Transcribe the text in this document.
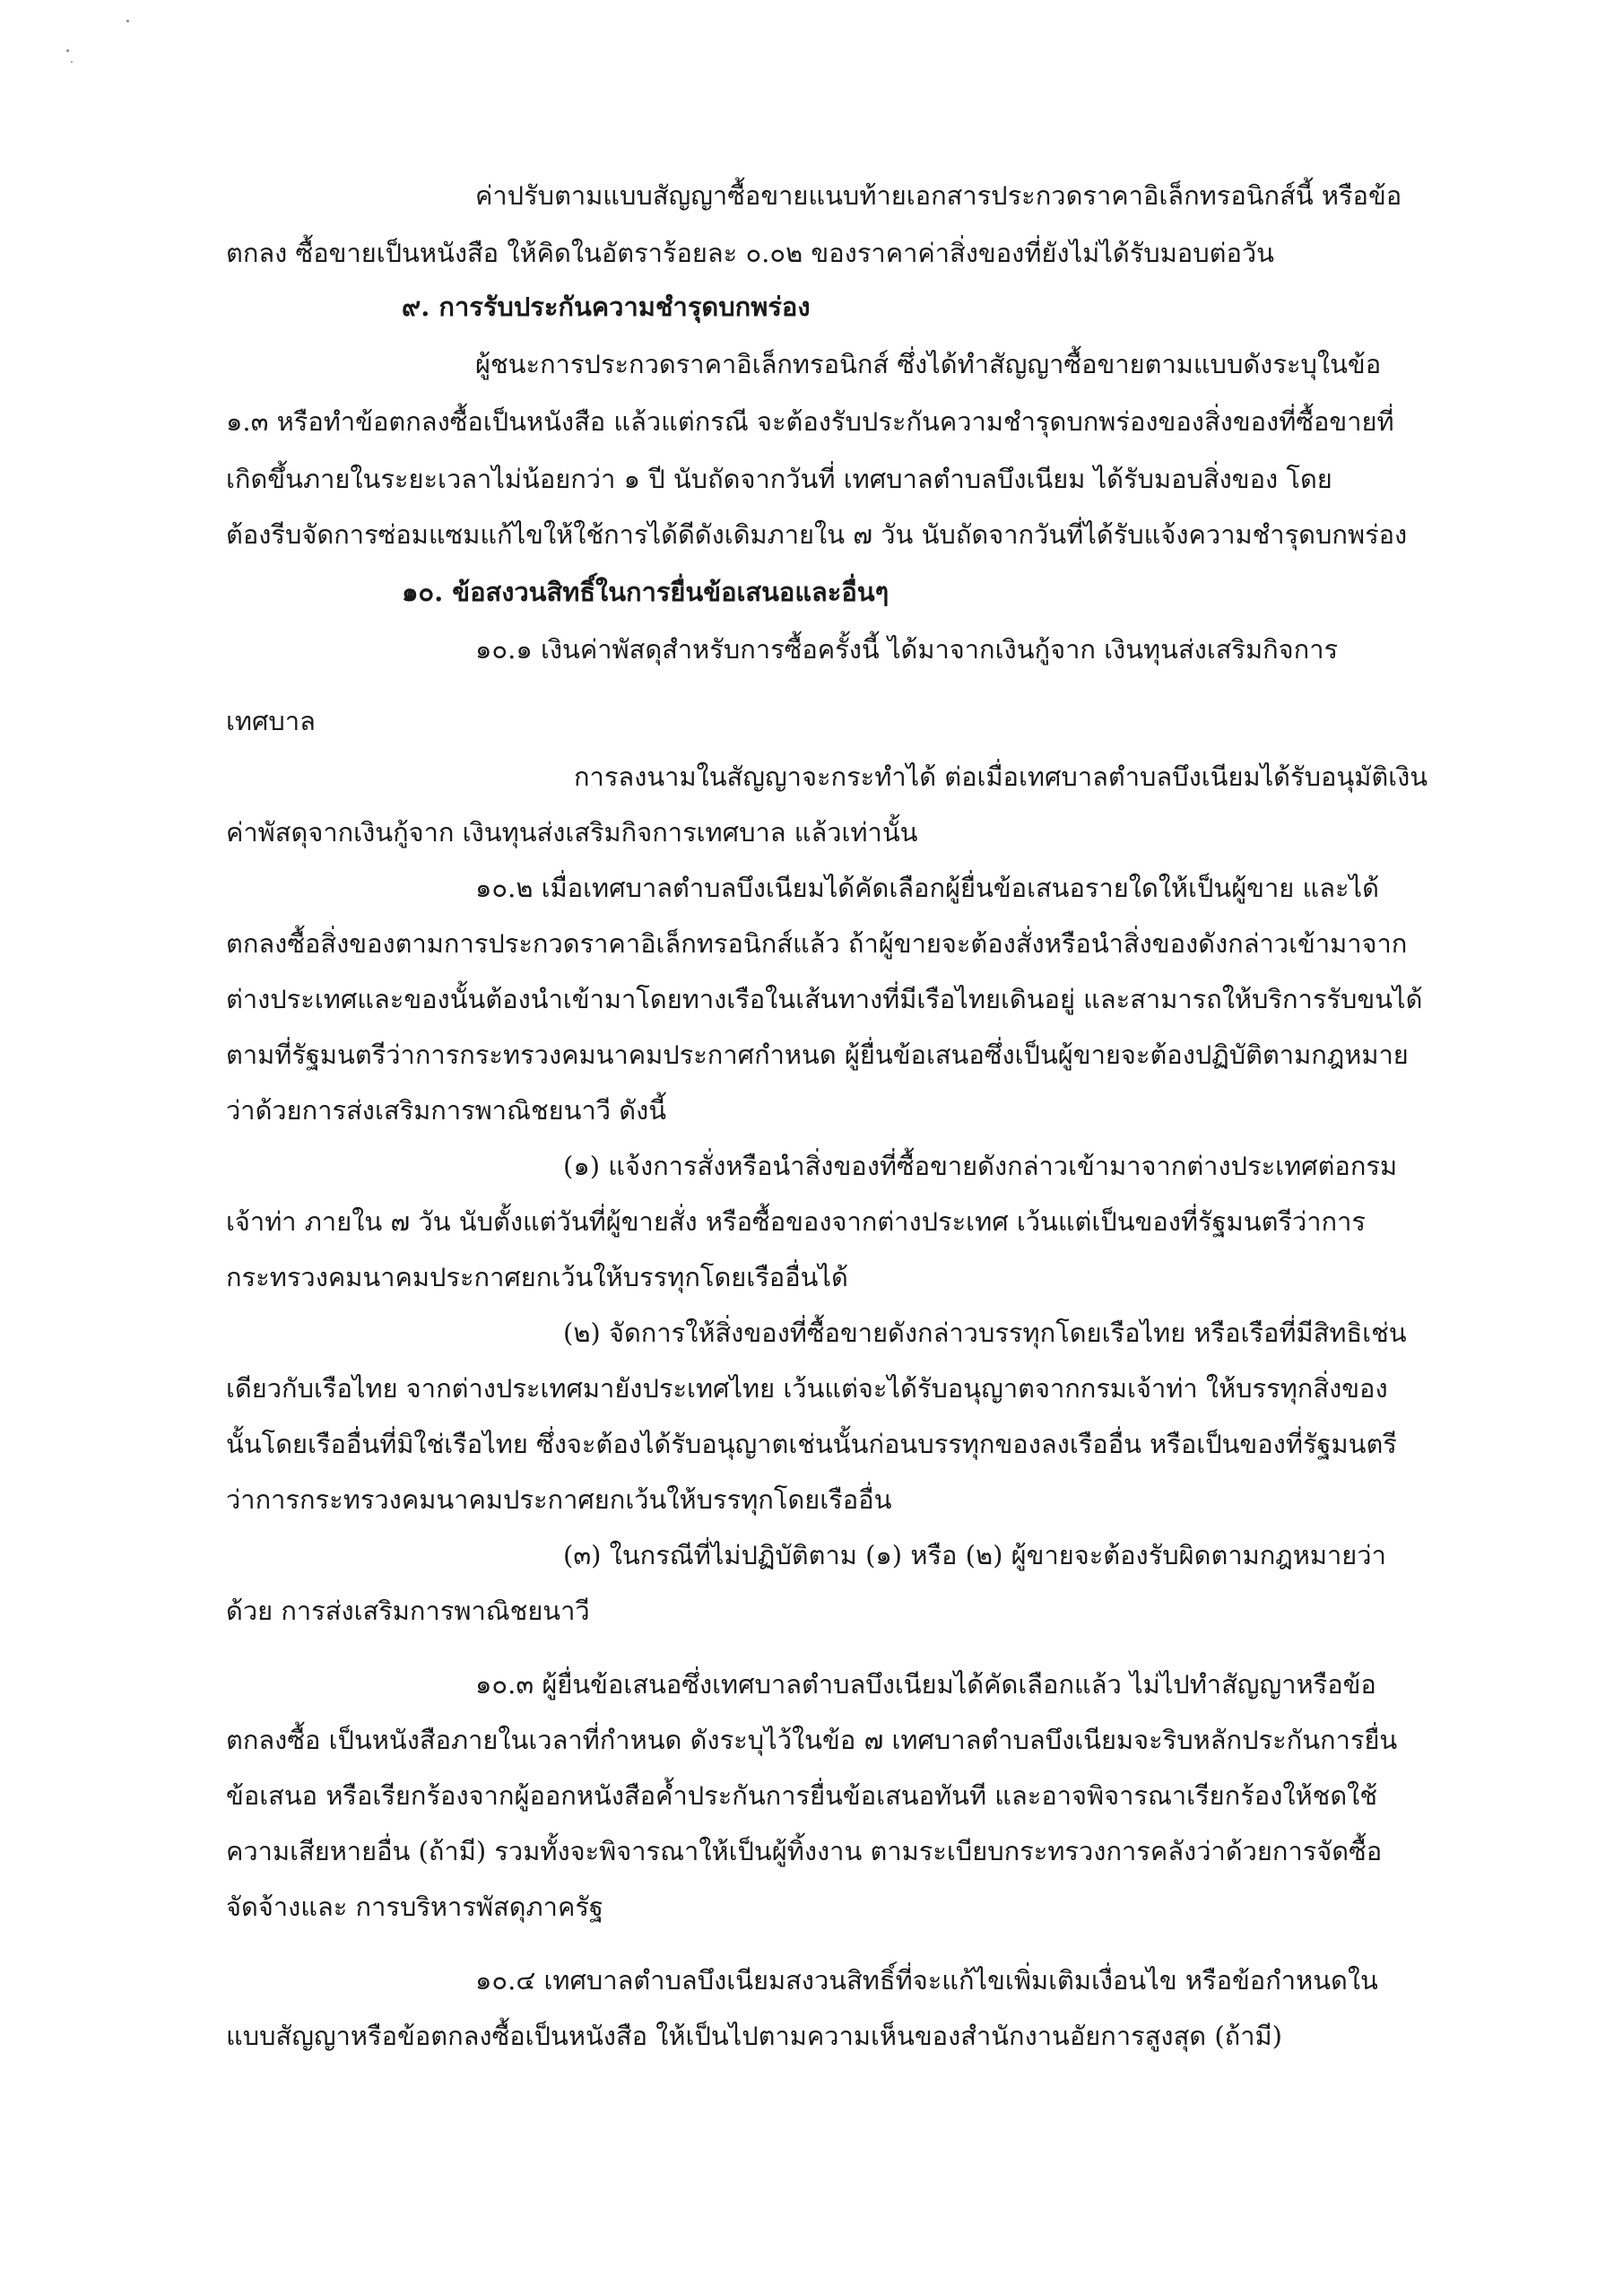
ค่าปรับตามแบบสัญญาซื้อขายแนบท้ายเอกสารประกวดราคาอิเล็กทรอนิกส์นี้ หรือข้อ
ตกลง ซื้อขายเป็นหนังสือ ให้คิดในอัตราร้อยละ ๐.๐๒ ของราคาค่าสิ่งของที่ยังไม่ได้รับมอบต่อวัน
๙. การรับประกันความชำรุดบกพร่อง
ผู้ชนะการประกวดราคาอิเล็กทรอนิกส์ ซึ่งได้ทำสัญญาซื้อขายตามแบบดังระบุในข้อ
๑.๓ หรือทำข้อตกลงซื้อเป็นหนังสือ แล้วแต่กรณี จะต้องรับประกันความชำรุดบกพร่องของสิ่งของที่ซื้อขายที่
เกิดขึ้นภายในระยะเวลาไม่น้อยกว่า ๑ ปี นับถัดจากวันที่ เทศบาลตำบลบึงเนียม ได้รับมอบสิ่งของ โดย
ต้องรีบจัดการซ่อมแซมแก้ไขให้ใช้การได้ดีดังเดิมภายใน ๗ วัน นับถัดจากวันที่ได้รับแจ้งความชำรุดบกพร่อง
๑๐. ข้อสงวนสิทธิ์ในการยื่นข้อเสนอและอื่นๆ
๑๐.๑ เงินค่าพัสดุสำหรับการซื้อครั้งนี้ ได้มาจากเงินกู้จาก เงินทุนส่งเสริมกิจการ
เทศบาล
การลงนามในสัญญาจะกระทำได้ ต่อเมื่อเทศบาลตำบลบึงเนียมได้รับอนุมัติเงิน
ค่าพัสดุจากเงินกู้จาก เงินทุนส่งเสริมกิจการเทศบาล แล้วเท่านั้น
๑๐.๒ เมื่อเทศบาลตำบลบึงเนียมได้คัดเลือกผู้ยื่นข้อเสนอรายใดให้เป็นผู้ขาย และได้
ตกลงซื้อสิ่งของตามการประกวดราคาอิเล็กทรอนิกส์แล้ว ถ้าผู้ขายจะต้องสั่งหรือนำสิ่งของดังกล่าวเข้ามาจาก
ต่างประเทศและของนั้นต้องนำเข้ามาโดยทางเรือในเส้นทางที่มีเรือไทยเดินอยู่ และสามารถให้บริการรับขนได้
ตามที่รัฐมนตรีว่าการกระทรวงคมนาคมประกาศกำหนด ผู้ยื่นข้อเสนอซึ่งเป็นผู้ขายจะต้องปฏิบัติตามกฎหมาย
ว่าด้วยการส่งเสริมการพาณิชยนาวี ดังนี้
(๑) แจ้งการสั่งหรือนำสิ่งของที่ซื้อขายดังกล่าวเข้ามาจากต่างประเทศต่อกรม
เจ้าท่า ภายใน ๗ วัน นับตั้งแต่วันที่ผู้ขายสั่ง หรือซื้อของจากต่างประเทศ เว้นแต่เป็นของที่รัฐมนตรีว่าการ
กระทรวงคมนาคมประกาศยกเว้นให้บรรทุกโดยเรืออื่นได้
(๒) จัดการให้สิ่งของที่ซื้อขายดังกล่าวบรรทุกโดยเรือไทย หรือเรือที่มีสิทธิเช่น
เดียวกับเรือไทย จากต่างประเทศมายังประเทศไทย เว้นแต่จะได้รับอนุญาตจากกรมเจ้าท่า ให้บรรทุกสิ่งของ
นั้นโดยเรืออื่นที่มิใช่เรือไทย ซึ่งจะต้องได้รับอนุญาตเช่นนั้นก่อนบรรทุกของลงเรืออื่น หรือเป็นของที่รัฐมนตรี
ว่าการกระทรวงคมนาคมประกาศยกเว้นให้บรรทุกโดยเรืออื่น
(๓) ในกรณีที่ไม่ปฏิบัติตาม (๑) หรือ (๒) ผู้ขายจะต้องรับผิดตามกฎหมายว่า
ด้วย การส่งเสริมการพาณิชยนาวี
๑๐.๓ ผู้ยื่นข้อเสนอซึ่งเทศบาลตำบลบึงเนียมได้คัดเลือกแล้ว ไม่ไปทำสัญญาหรือข้อ
ตกลงซื้อ เป็นหนังสือภายในเวลาที่กำหนด ดังระบุไว้ในข้อ ๗ เทศบาลตำบลบึงเนียมจะริบหลักประกันการยื่น
ข้อเสนอ หรือเรียกร้องจากผู้ออกหนังสือค้ำประกันการยื่นข้อเสนอทันที และอาจพิจารณาเรียกร้องให้ชดใช้
ความเสียหายอื่น (ถ้ามี) รวมทั้งจะพิจารณาให้เป็นผู้ทิ้งงาน ตามระเบียบกระทรวงการคลังว่าด้วยการจัดซื้อ
จัดจ้างและ การบริหารพัสดุภาครัฐ
๑๐.๔ เทศบาลตำบลบึงเนียมสงวนสิทธิ์ที่จะแก้ไขเพิ่มเติมเงื่อนไข หรือข้อกำหนดใน
แบบสัญญาหรือข้อตกลงซื้อเป็นหนังสือ ให้เป็นไปตามความเห็นของสำนักงานอัยการสูงสุด (ถ้ามี)
